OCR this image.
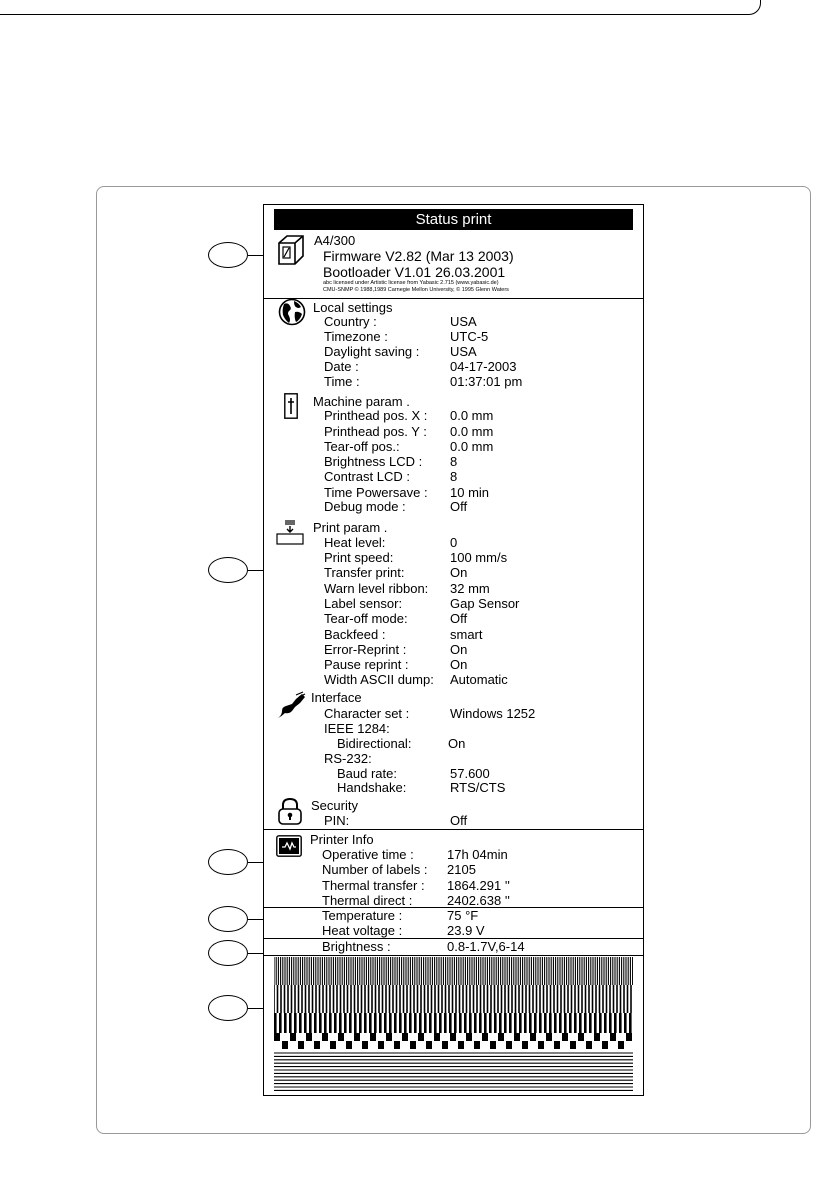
Status print
A4/300
Firmware V2.82 (Mar 13 2003)
Bootloader V1.01 26.03.2001
abc licensed under Artistic license from Yabasic 2.715 (www.yabasic.de)
CMU-SNMP © 1988,1989 Carnegie Mellon University, © 1995 Glenn Waters
Local settings
Country :	USA
Timezone :	UTC-5
Daylight saving : USA
Date :	04-17-2003
Time :	01:37:01 pm
Machine param .
Printhead pos. X : 0.0 mm
Printhead pos. Y : 0.0 mm
Tear-off pos.:	0.0 mm
Brightness LCD : 8
Contrast LCD :	8
Time Powersave : 10 min
Debug mode :	Off
Print param .
Heat level:	0
Print speed:	100 mm/s
Transfer print:	On
Warn level ribbon: 32 mm
Label sensor:	Gap Sensor
Tear-off mode:	Off
Backfeed :	smart
Error-Reprint :	On
Pause reprint :	On
Width ASCII dump: Automatic
Interface
Character set :	Windows 1252
IEEE 1284:
Bidirectional:	On
RS-232:
Baud rate:	57.600
Handshake:	RTS/CTS
Security
PIN:	Off
Printer Info
Operative time :	17h 04min
Number of labels : 2105
Thermal transfer : 1864.291 ''
Thermal direct :	2402.638 ''
Temperature :	75 °F
Heat voltage :	23.9 V
Brightness :	0.8-1.7V,6-14
